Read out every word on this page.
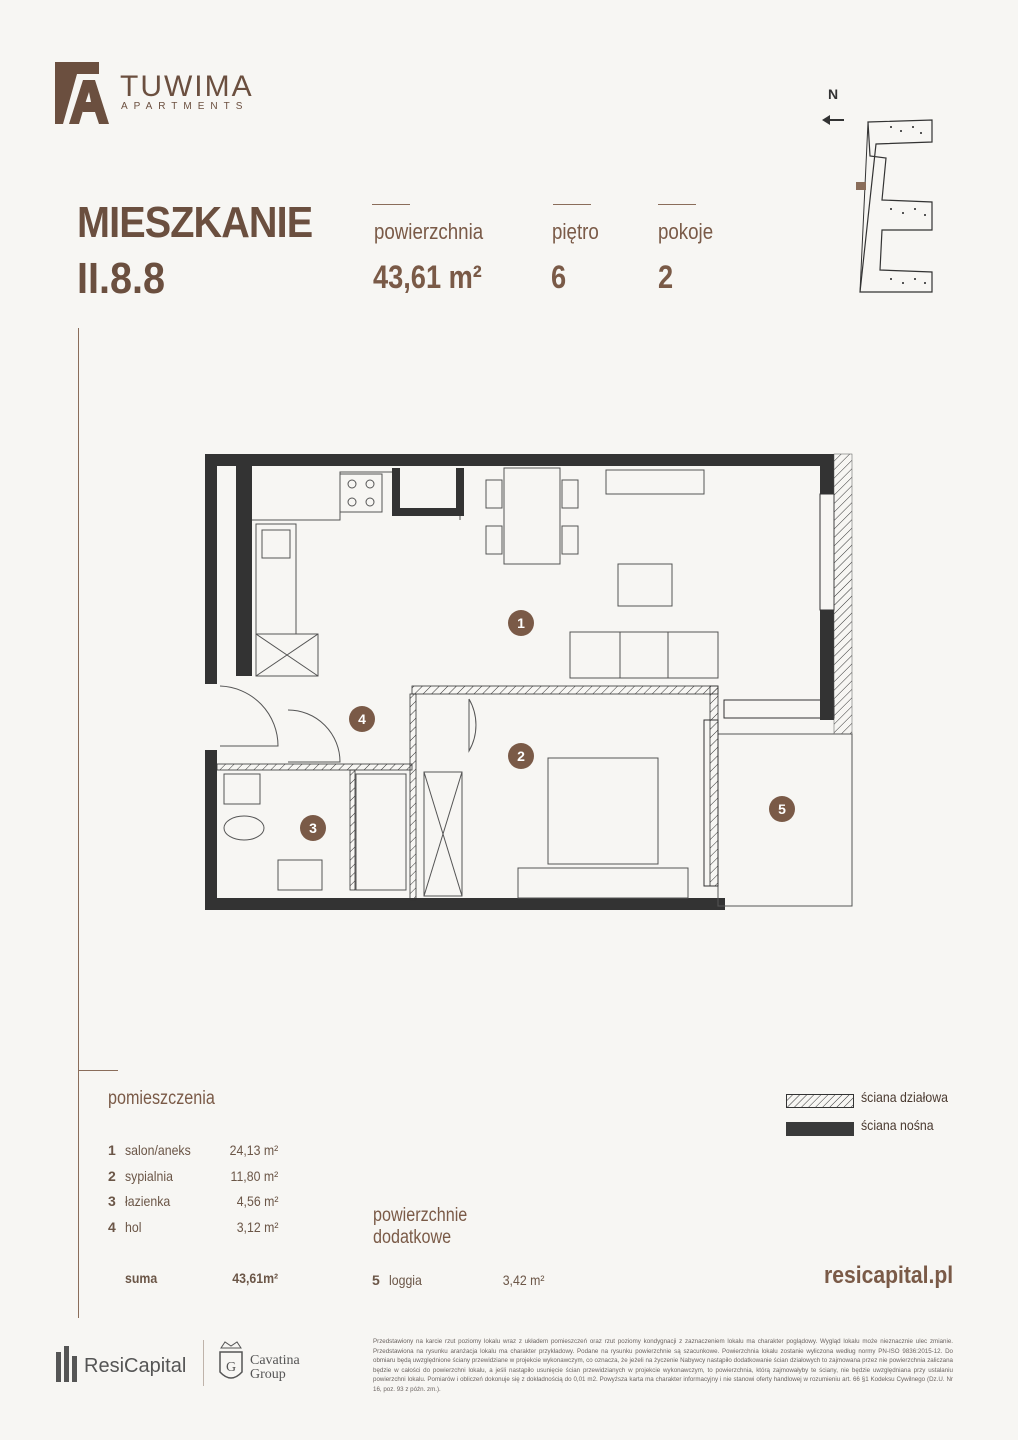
TUWIMA
APARTMENTS
MIESZKANIE
II.8.8
powierzchnia
43,61 m²
piętro
6
pokoje
2
N
1
2
3
4
5
pomieszczenia
1 salon/aneks	24,13 m²
2 sypialnia	11,80 m²
3 łazienka	4,56 m²
4 hol	3,12 m²
suma	43,61m²
powierzchnie
dodatkowe
5 loggia	3,42 m²
ściana działowa
ściana nośna
resicapital.pl
ResiCapital	G Cavatina
Group
Przedstawiony na karcie rzut poziomy lokalu wraz z układem pomieszczeń oraz rzut poziomy kondygnacji z zaznaczeniem lokalu ma charakter poglądowy. Wygląd lokalu może nieznacznie ulec zmianie. Przedstawiona na rysunku aranżacja lokalu ma charakter przykładowy. Podane na rysunku powierzchnie są szacunkowe. Powierzchnia lokalu zostanie wyliczona według normy PN-ISO 9836:2015-12. Do obmiaru będą uwzględnione ściany przewidziane w projekcie wykonawczym, co oznacza, że jeżeli na życzenie Nabywcy nastąpiło dodatkowanie ścian działowych to zajmowana przez nie powierzchnia zaliczana będzie w całości do powierzchni lokalu, a jeśli nastąpiło usunięcie ścian przewidzianych w projekcie wykonawczym, to powierzchnia, którą zajmowałyby te ściany, nie będzie uwzględniana przy ustalaniu powierzchni lokalu. Pomiarów i obliczeń dokonuje się z dokładnością do 0,01 m2. Powyższa karta ma charakter informacyjny i nie stanowi oferty handlowej w rozumieniu art. 66 §1 Kodeksu Cywilnego (Dz.U. Nr 16, poz. 93 z późn. zm.).
